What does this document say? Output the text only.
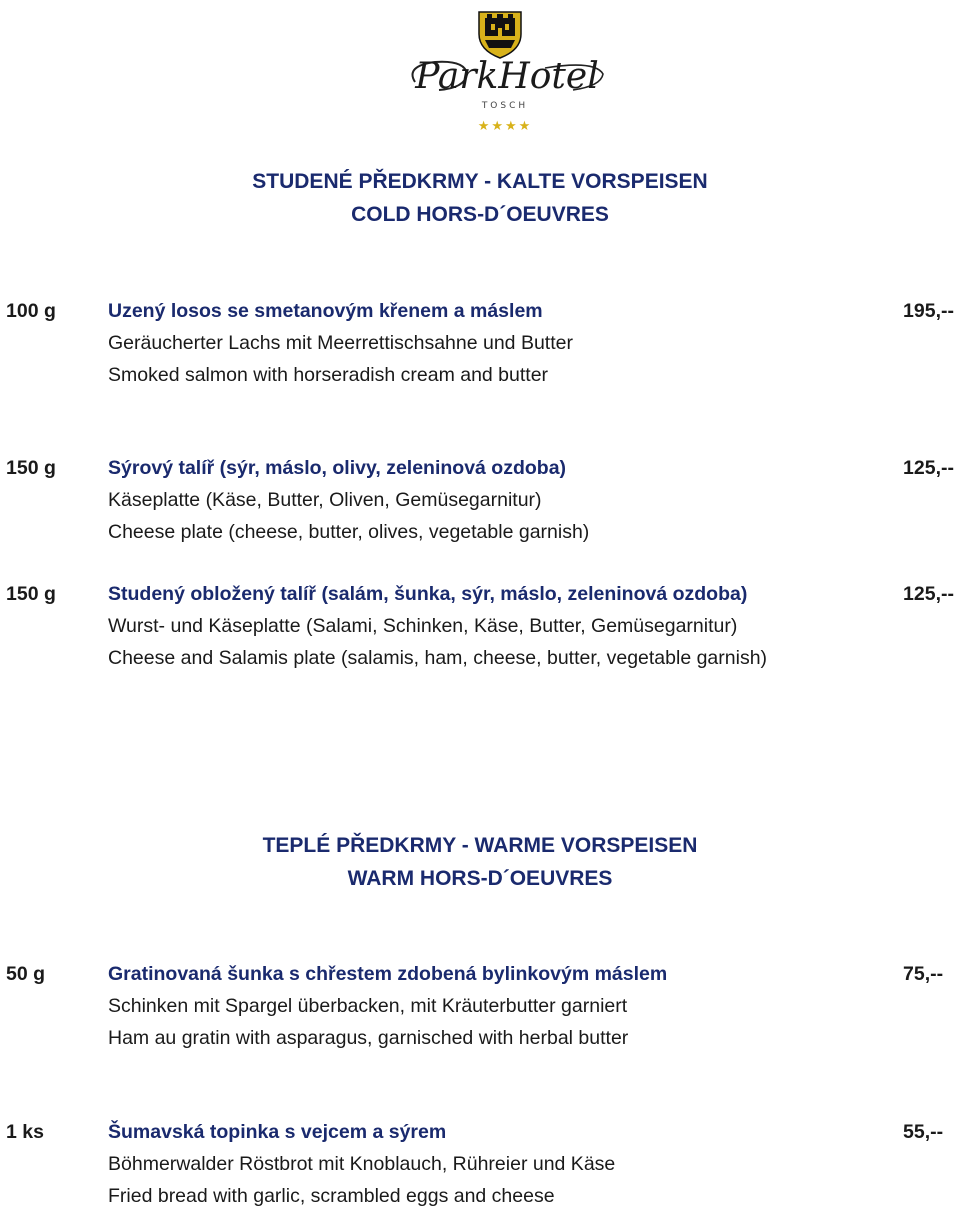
ParkHotel
TOSCH
★★★★
STUDENÉ PŘEDKRMY - KALTE VORSPEISEN
COLD HORS-D´OEUVRES
100 g	Uzený losos se smetanovým křenem a máslem
Geräucherter Lachs mit Meerrettischsahne und Butter
Smoked salmon with horseradish cream and butter
195,--
150 g	Sýrový talíř (sýr, máslo, olivy, zeleninová ozdoba)
Käseplatte (Käse, Butter, Oliven, Gemüsegarnitur)
Cheese plate (cheese, butter, olives, vegetable garnish)
125,--
150 g	Studený obložený talíř (salám, šunka, sýr, máslo, zeleninová ozdoba)
Wurst- und Käseplatte (Salami, Schinken, Käse, Butter, Gemüsegarnitur)
Cheese and Salamis plate (salamis, ham, cheese, butter, vegetable garnish)
125,--
TEPLÉ PŘEDKRMY - WARME VORSPEISEN
WARM HORS-D´OEUVRES
50 g	Gratinovaná šunka s chřestem zdobená bylinkovým máslem
Schinken mit Spargel überbacken, mit Kräuterbutter garniert
Ham au gratin with asparagus, garnisched with herbal butter
75,--
1 ks	Šumavská topinka s vejcem a sýrem
Böhmerwalder Röstbrot mit Knoblauch, Rühreier und Käse
Fried bread with garlic, scrambled eggs and cheese
55,--
